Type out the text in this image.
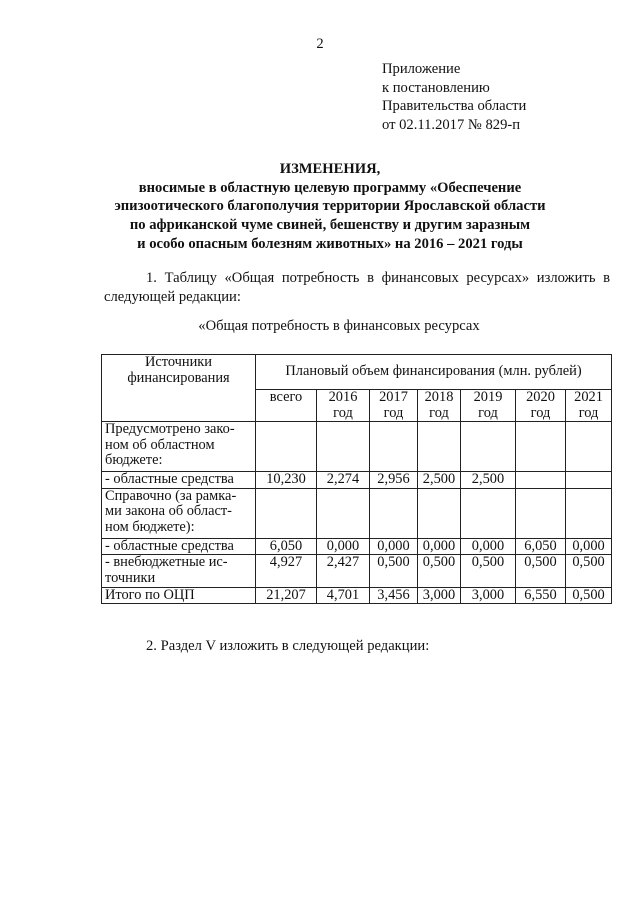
2
Приложение
к постановлению
Правительства области
от 02.11.2017 № 829-п
ИЗМЕНЕНИЯ,
вносимые в областную целевую программу «Обеспечение
эпизоотического благополучия территории Ярославской области
по африканской чуме свиней, бешенству и другим заразным
и особо опасным болезням животных» на 2016 – 2021 годы
1. Таблицу «Общая потребность в финансовых ресурсах» изложить в
следующей редакции:
«Общая потребность в финансовых ресурсах
Источники финансирования	Плановый объем финансирования (млн. рублей)						
	всего	2016 год	2017 год	2018 год	2019 год	2020 год	2021 год
Предусмотрено зако-ном об областном бюджете:							
- областные средства	10,230	2,274	2,956	2,500	2,500		
Справочно (за рамка-ми закона об област-ном бюджете):							
- областные средства	6,050	0,000	0,000	0,000	0,000	6,050	0,000
- внебюджетные ис-точники	4,927	2,427	0,500	0,500	0,500	0,500	0,500
Итого по ОЦП	21,207	4,701	3,456	3,000	3,000	6,550	0,500
2. Раздел V изложить в следующей редакции:
